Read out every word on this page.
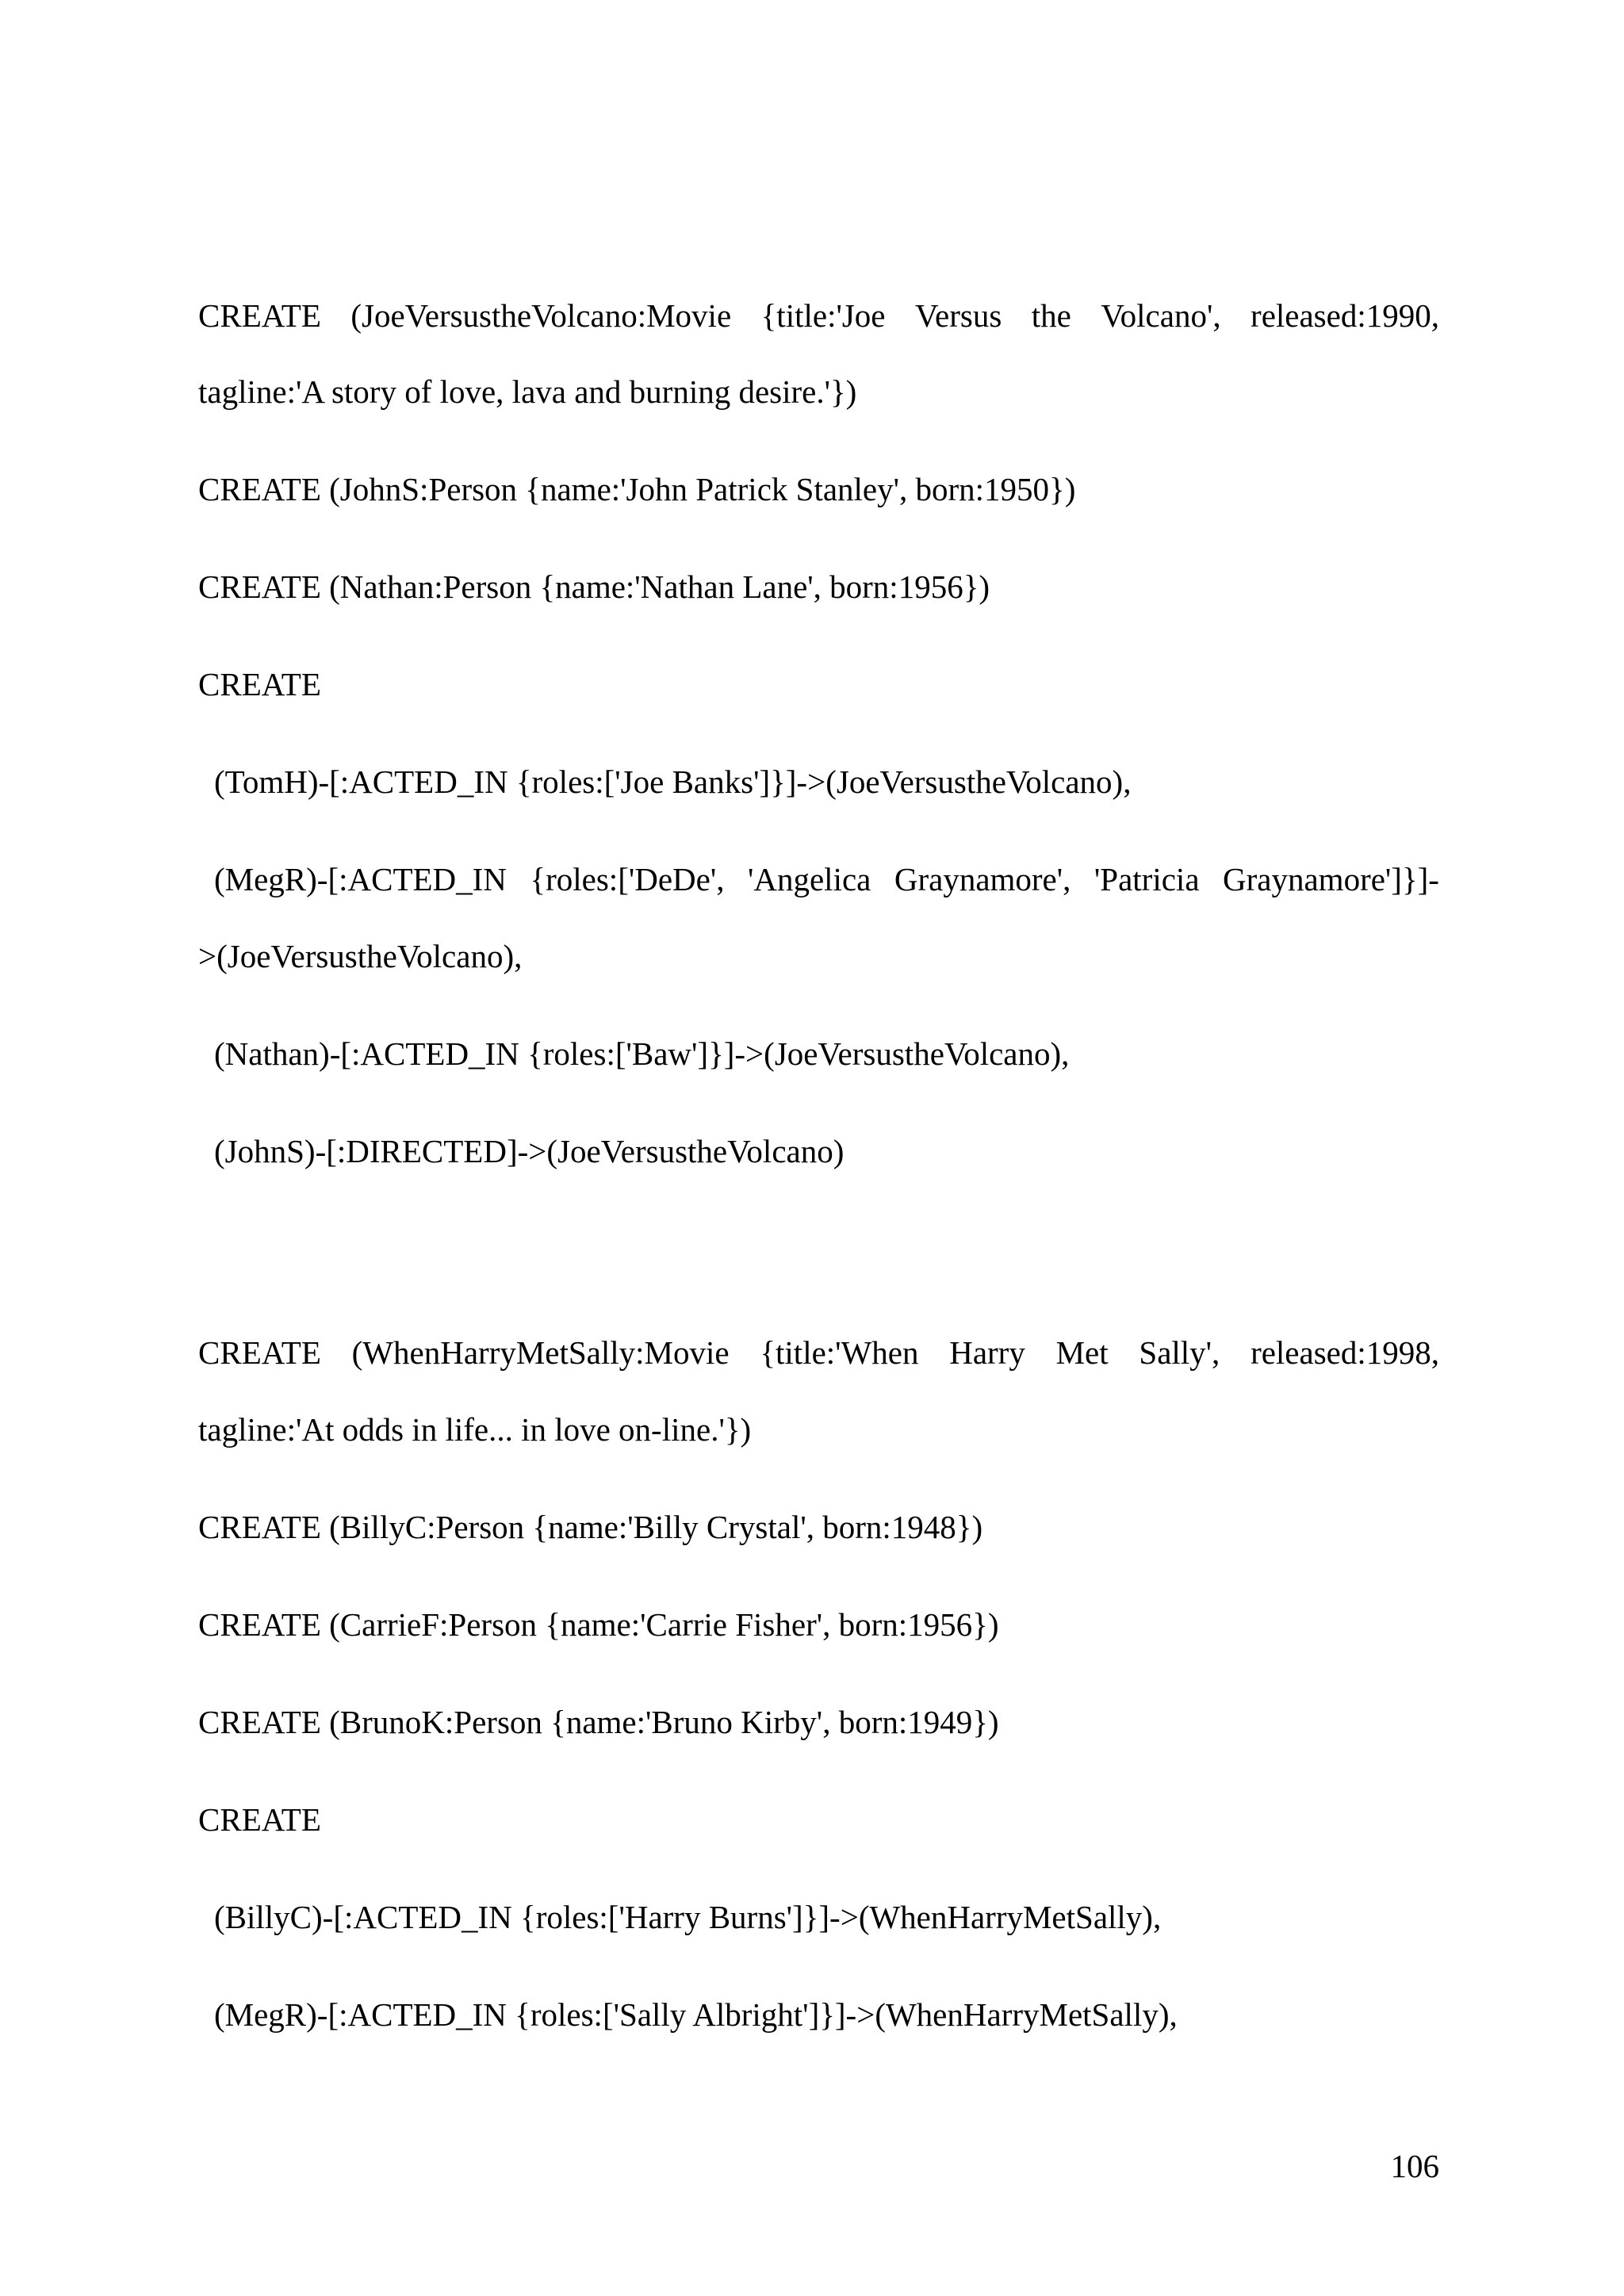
CREATE (JoeVersustheVolcano:Movie {title:'Joe Versus the Volcano', released:1990,
tagline:'A story of love, lava and burning desire.'})
CREATE (JohnS:Person {name:'John Patrick Stanley', born:1950})
CREATE (Nathan:Person {name:'Nathan Lane', born:1956})
CREATE
(TomH)-[:ACTED_IN {roles:['Joe Banks']}]->(JoeVersustheVolcano),
(MegR)-[:ACTED_IN {roles:['DeDe', 'Angelica Graynamore', 'Patricia Graynamore']}]-
>(JoeVersustheVolcano),
(Nathan)-[:ACTED_IN {roles:['Baw']}]->(JoeVersustheVolcano),
(JohnS)-[:DIRECTED]->(JoeVersustheVolcano)
CREATE (WhenHarryMetSally:Movie {title:'When Harry Met Sally', released:1998,
tagline:'At odds in life... in love on-line.'})
CREATE (BillyC:Person {name:'Billy Crystal', born:1948})
CREATE (CarrieF:Person {name:'Carrie Fisher', born:1956})
CREATE (BrunoK:Person {name:'Bruno Kirby', born:1949})
CREATE
(BillyC)-[:ACTED_IN {roles:['Harry Burns']}]->(WhenHarryMetSally),
(MegR)-[:ACTED_IN {roles:['Sally Albright']}]->(WhenHarryMetSally),
106
